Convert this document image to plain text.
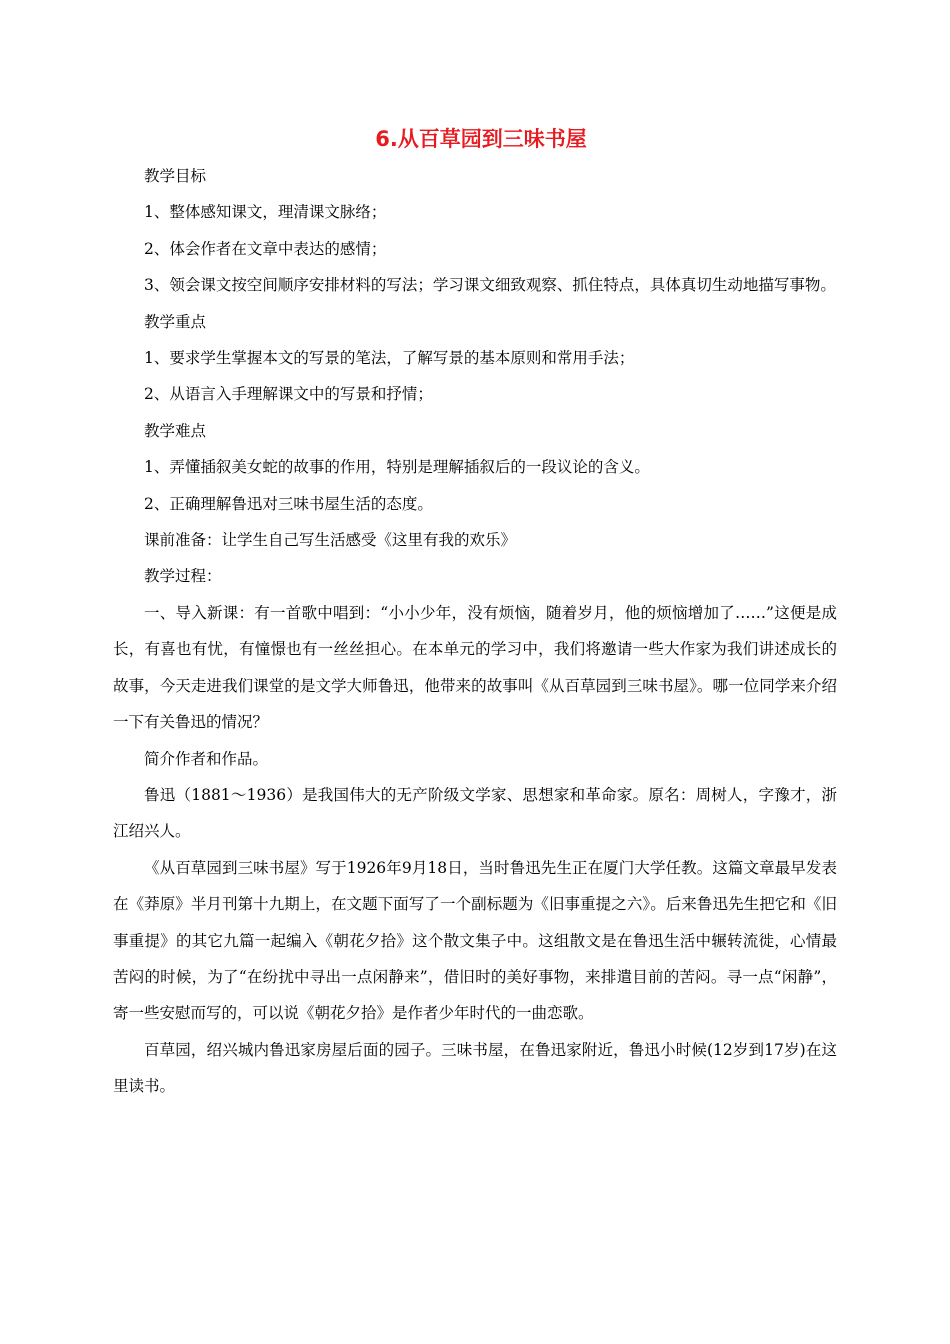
6.从百草园到三味书屋

教学目标

1、整体感知课文，理清课文脉络；

2、体会作者在文章中表达的感情；

3、领会课文按空间顺序安排材料的写法；学习课文细致观察、抓住特点，具体真切生动地描写事物。

教学重点

1、要求学生掌握本文的写景的笔法，了解写景的基本原则和常用手法；

2、从语言入手理解课文中的写景和抒情；

教学难点

1、弄懂插叙美女蛇的故事的作用，特别是理解插叙后的一段议论的含义。

2、正确理解鲁迅对三味书屋生活的态度。

课前准备：让学生自己写生活感受《这里有我的欢乐》

教学过程：

一、导入新课：有一首歌中唱到：“小小少年，没有烦恼，随着岁月，他的烦恼增加了……”这便是成长，有喜也有忧，有憧憬也有一丝丝担心。在本单元的学习中，我们将邀请一些大作家为我们讲述成长的故事，今天走进我们课堂的是文学大师鲁迅，他带来的故事叫《从百草园到三味书屋》。哪一位同学来介绍一下有关鲁迅的情况？

简介作者和作品。

鲁迅（1881～1936）是我国伟大的无产阶级文学家、思想家和革命家。原名：周树人，字豫才，浙江绍兴人。

《从百草园到三味书屋》写于1926年9月18日，当时鲁迅先生正在厦门大学任教。这篇文章最早发表在《莽原》半月刊第十九期上，在文题下面写了一个副标题为《旧事重提之六》。后来鲁迅先生把它和《旧事重提》的其它九篇一起编入《朝花夕拾》这个散文集子中。这组散文是在鲁迅生活中辗转流徙，心情最苦闷的时候，为了“在纷扰中寻出一点闲静来”，借旧时的美好事物，来排遣目前的苦闷。寻一点“闲静”，寄一些安慰而写的，可以说《朝花夕拾》是作者少年时代的一曲恋歌。

百草园，绍兴城内鲁迅家房屋后面的园子。三味书屋，在鲁迅家附近，鲁迅小时候(12岁到17岁)在这里读书。
